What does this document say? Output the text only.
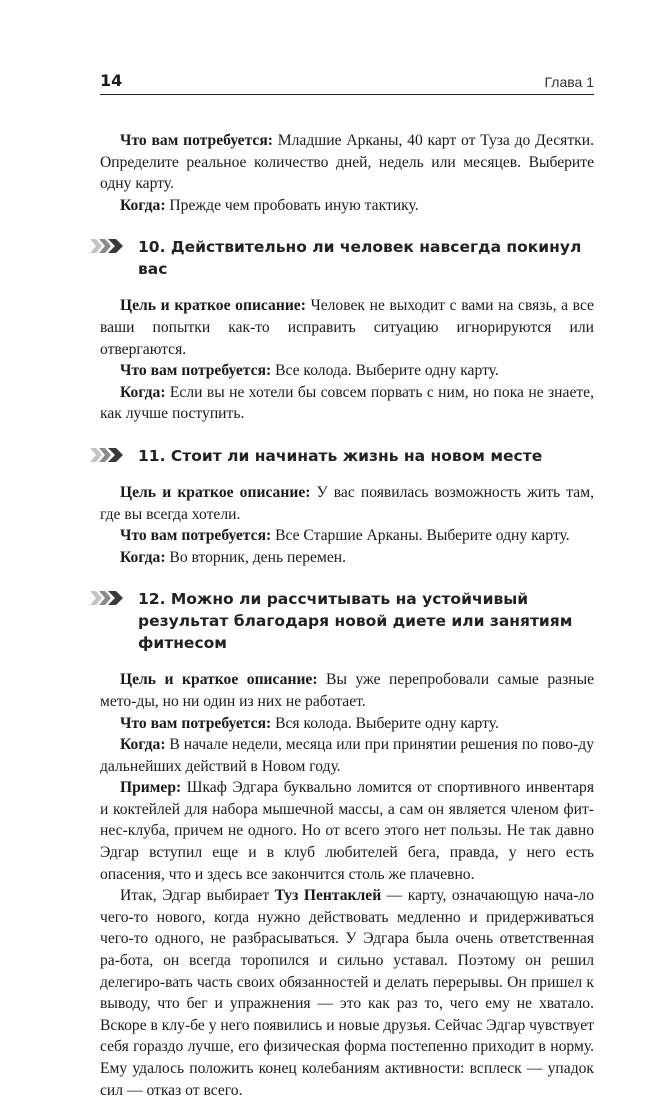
14	Глава 1

Что вам потребуется: Младшие Арканы, 40 карт от Туза до Десятки. Определите реальное количество дней, недель или месяцев. Выберите одну карту.

Когда: Прежде чем пробовать иную тактику.

10. Действительно ли человек навсегда покинул вас

Цель и краткое описание: Человек не выходит с вами на связь, а все ваши попытки как-то исправить ситуацию игнорируются или отвергаются.

Что вам потребуется: Все колода. Выберите одну карту.

Когда: Если вы не хотели бы совсем порвать с ним, но пока не знаете, как лучше поступить.

11. Стоит ли начинать жизнь на новом месте

Цель и краткое описание: У вас появилась возможность жить там, где вы всегда хотели.

Что вам потребуется: Все Старшие Арканы. Выберите одну карту.

Когда: Во вторник, день перемен.

12. Можно ли рассчитывать на устойчивый результат благодаря новой диете или занятиям фитнесом

Цель и краткое описание: Вы уже перепробовали самые разные мето-ды, но ни один из них не работает.

Что вам потребуется: Вся колода. Выберите одну карту.

Когда: В начале недели, месяца или при принятии решения по пово-ду дальнейших действий в Новом году.

Пример: Шкаф Эдгара буквально ломится от спортивного инвентаря и коктейлей для набора мышечной массы, а сам он является членом фит-нес-клуба, причем не одного. Но от всего этого нет пользы. Не так давно Эдгар вступил еще и в клуб любителей бега, правда, у него есть опасения, что и здесь все закончится столь же плачевно.

Итак, Эдгар выбирает Туз Пентаклей — карту, означающую нача-ло чего-то нового, когда нужно действовать медленно и придерживаться чего-то одного, не разбрасываться. У Эдгара была очень ответственная ра-бота, он всегда торопился и сильно уставал. Поэтому он решил делегиро-вать часть своих обязанностей и делать перерывы. Он пришел к выводу, что бег и упражнения — это как раз то, чего ему не хватало. Вскоре в клу-бе у него появились и новые друзья. Сейчас Эдгар чувствует себя гораздо лучше, его физическая форма постепенно приходит в норму. Ему удалось положить конец колебаниям активности: всплеск — упадок сил — отказ от всего.
